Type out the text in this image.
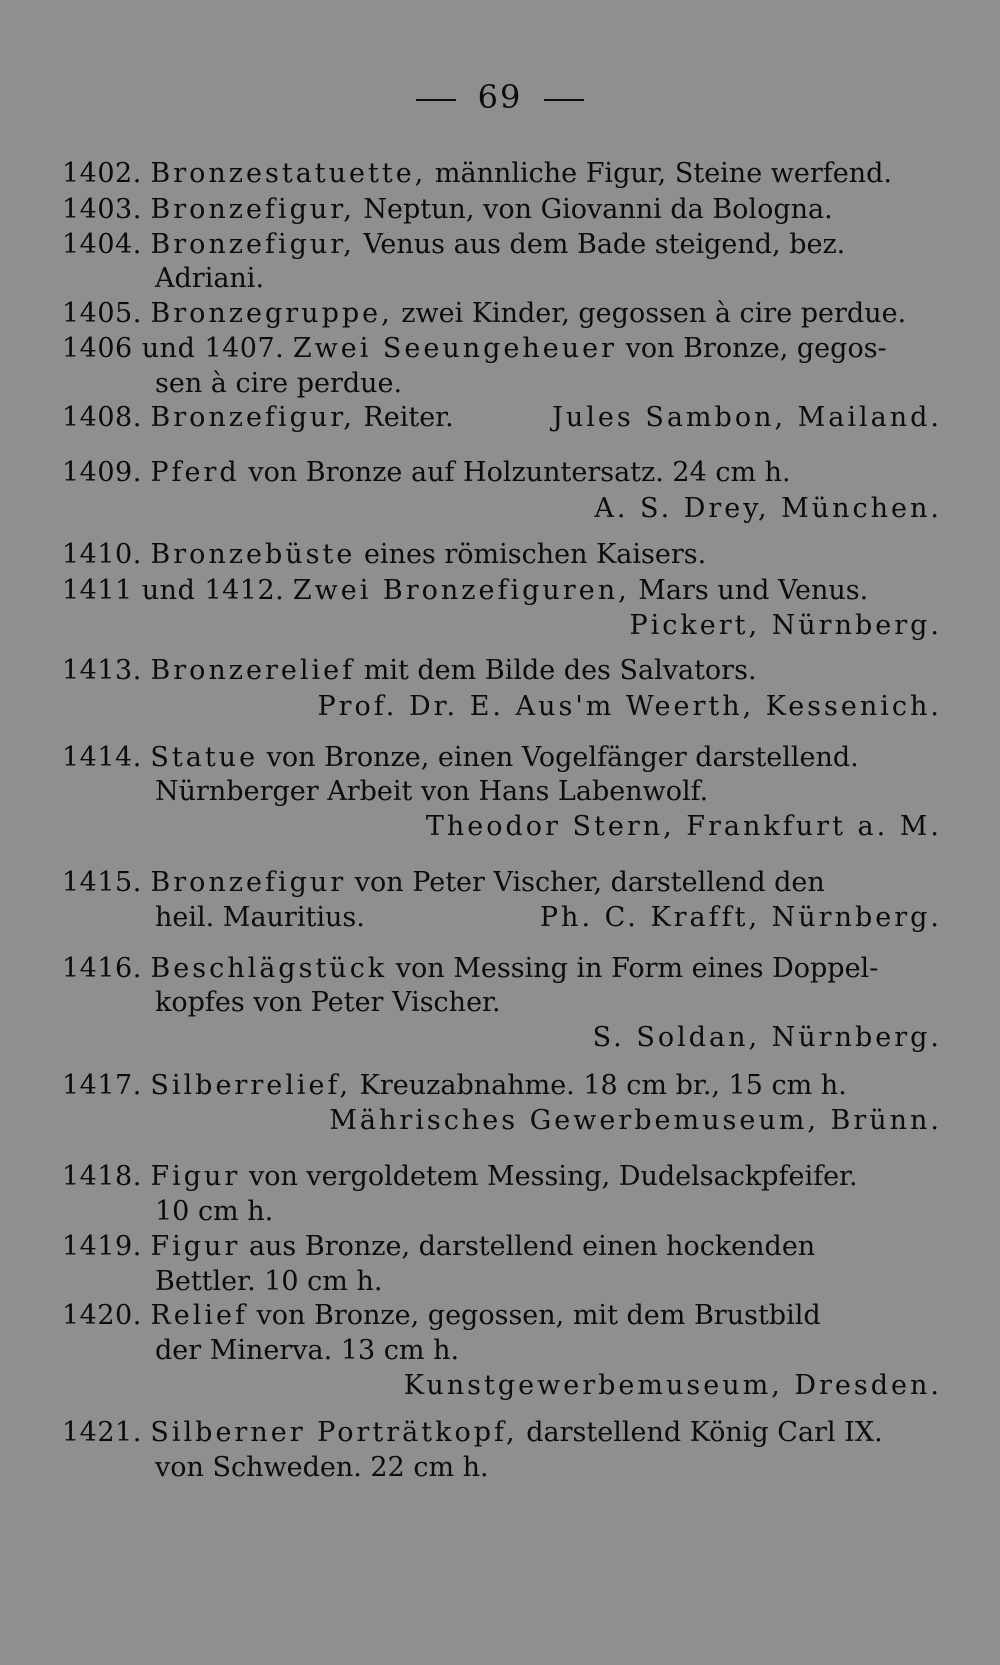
69
1402. Bronzestatuette, männliche Figur, Steine werfend.
1403. Bronzefigur, Neptun, von Giovanni da Bologna.
1404. Bronzefigur, Venus aus dem Bade steigend, bez.
Adriani.
1405. Bronzegruppe, zwei Kinder, gegossen à cire perdue.
1406 und 1407. Zwei Seeungeheuer von Bronze, gegos-
sen à cire perdue.
1408. Bronzefigur, Reiter.	Jules Sambon, Mailand.
1409. Pferd von Bronze auf Holzuntersatz. 24 cm h.
A. S. Drey, München.
1410. Bronzebüste eines römischen Kaisers.
1411 und 1412. Zwei Bronzefiguren, Mars und Venus.
Pickert, Nürnberg.
1413. Bronzerelief mit dem Bilde des Salvators.
Prof. Dr. E. Aus'm Weerth, Kessenich.
1414. Statue von Bronze, einen Vogelfänger darstellend.
Nürnberger Arbeit von Hans Labenwolf.
Theodor Stern, Frankfurt a. M.
1415. Bronzefigur von Peter Vischer, darstellend den
heil. Mauritius.	Ph. C. Krafft, Nürnberg.
1416. Beschlägstück von Messing in Form eines Doppel-
kopfes von Peter Vischer.
S. Soldan, Nürnberg.
1417. Silberrelief, Kreuzabnahme. 18 cm br., 15 cm h.
Mährisches Gewerbemuseum, Brünn.
1418. Figur von vergoldetem Messing, Dudelsackpfeifer.
10 cm h.
1419. Figur aus Bronze, darstellend einen hockenden
Bettler. 10 cm h.
1420. Relief von Bronze, gegossen, mit dem Brustbild
der Minerva. 13 cm h.
Kunstgewerbemuseum, Dresden.
1421. Silberner Porträtkopf, darstellend König Carl IX.
von Schweden. 22 cm h.
